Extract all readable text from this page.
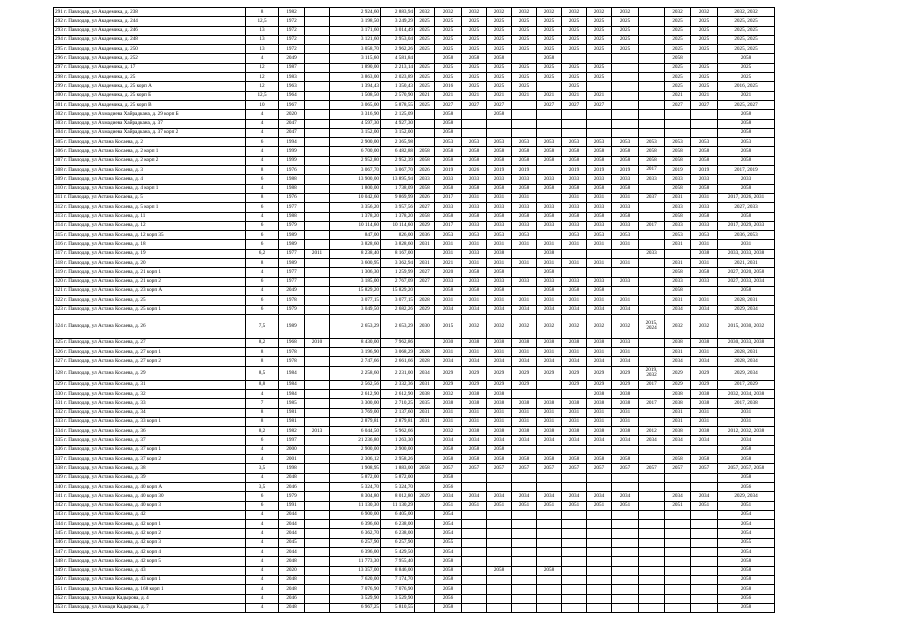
291 г. Павлодар, ул Академика, д. 238	8	1982		2 924,60	2 883,94	2032	2032	2032	2032	2032	2032	2032	2032	2032		2032	2032	2032, 2032
292 г. Павлодар, ул Академика, д. 244	12,5	1972		3 198,50	3 249,29	2025	2025	2025	2025	2025	2025	2025	2025	2025		2025	2025	2025, 2025
293 г. Павлодар, ул Академика, д. 246	13	1972		3 171,60	3 014,49	2025	2025	2025	2025	2025	2025	2025	2025	2025		2025	2025	2025, 2025
294 г. Павлодар, ул Академика, д. 248	13	1972		3 121,60	2 953,04	2025	2025	2025	2025	2025	2025	2025	2025	2025		2025	2025	2025, 2025
295 г. Павлодар, ул Академика, д. 250	13	1972		3 058,70	2 962,26	2025	2025	2025	2025	2025	2025	2025	2025	2025		2025	2025	2025, 2025
296 г. Павлодар, ул Академика, д. 252	4	2049		3 115,60	4 581,84		2058	2058	2058		2058					2058		2058
297 г. Павлодар, ул Академика, д. 17	12	1987		1 890,00	2 213,14	2025	2025	2025	2025	2025	2025	2025	2025			2025	2025	2025
298 г. Павлодар, ул Академика, д. 25	12	1983		3 863,00	2 023,89	2025	2025	2025	2025	2025	2025	2025	2025			2025	2025	2025
299 г. Павлодар, ул Академика, д. 25 корп А	12	1963		1 394,43	1 350,43	2025	2016	2025	2025	2025		2025				2025	2025	2016, 2025
300 г. Павлодар, ул Академика, д. 25 корп Б	12,5	1964		1 508,50	2 570,90	2021	2021	2021	2021	2021	2021	2021	2021			2021	2021	2021
301 г. Павлодар, ул Академика, д. 25 корп В	10	1967		3 065,00	5 878,55	2025	2027	2027	2027		2027	2027	2027			2027	2027	2025, 2027
302 г. Павлодар, ул Ахмадиева Хайрадкана, д. 29 корп Б	4	2020		3 316,90	2 125,09		2058		2058									2058
303 г. Павлодар, ул Ахмадиева Хайрадкана, д. 37	4	2047		4 597,30	4 927,30		2058											2058
304 г. Павлодар, ул Ахмадиева Хайрадкана, д. 37 корп 2	4	2047		3 152,00	3 152,00		2058											2058
305 г. Павлодар, ул Астана Косаева, д. 2	6	1994		2 900,00	2 365,98		2053	2053	2053	2053	2053	2053	2053	2053	2053	2053	2053	2053
306 г. Павлодар, ул Астана Косаева, д. 2 корп 1	4	1999		6 700,00	6 482,88	2058	2058	2058	2058	2058	2058	2058	2058	2058	2058	2058	2058	2058
307 г. Павлодар, ул Астана Косаева, д. 2 корп 2	4	1999		2 952,80	2 952,39	2058	2058	2058	2058	2058	2058	2058	2058	2058	2058	2058	2058	2058
308 г. Павлодар, ул Астана Косаева, д. 3	8	1976		3 067,70	3 067,70	2026	2019	2026	2019	2019		2019	2019	2019	2017	2019	2019	2017, 2019
309 г. Павлодар, ул Астана Косаева, д. 4	6	1988		13 900,00	13 895,94	2033	2033	2033	2033	2033	2033	2033	2033	2033	2033	2033	2033	2033
310 г. Павлодар, ул Астана Косаева, д. 4 корп 1	4	1988		1 800,00	1 738,09	2058	2058	2058	2058	2058	2058	2058	2058	2058		2058	2058	2058
311 г. Павлодар, ул Астана Косаева, д. 5	8	1976		10 042,60	9 869,99	2026	2017	2031	2031	2031		2031	2031	2031	2037	2031	2031	2017, 2026, 2031
312 г. Павлодар, ул Астана Косаева, д. 5 корп 1	6	1977		3 356,20	3 957,56	2027	2033	2033	2033	2033	2033	2033	2033	2033		2033	2033	2027, 2033
313 г. Павлодар, ул Астана Косаева, д. 11	4	1988		1 378,20	1 378,20	2058	2058	2058	2058	2058	2058	2058	2058	2058		2058	2058	2058
314 г. Павлодар, ул Астана Косаева, д. 12	6	1979		10 114,60	10 114,60	2029	2017	2033	2033	2033	2033	2033	2033	2033	2017	2033	2033	2017, 2029, 2033
315 г. Павлодар, ул Астана Косаева, д. 12 корп 35	6	1989		847,00	826,00	2036	2053	2053	2053	2053		2053	2053	2053		2053	2053	2036, 2053
316 г. Павлодар, ул Астана Косаева, д. 18	6	1989		3 828,60	3 828,60	2031	2031	2031	2031	2031	2031	2031	2031	2031		2031	2031	2031
317 г. Павлодар, ул Астана Косаева, д. 19	6,2	1977	2011	8 238,40	8 167,00		2031	2033	2038		2038				2033		2038	2033, 2033, 2038
318 г. Павлодар, ул Астана Косаева, д. 20	8	1989		3 600,95	3 362,94	2031	2021	2031	2031	2031	2031	2031	2031	2031		2031	2031	2021, 2031
319 г. Павлодар, ул Астана Косаева, д. 21 корп 1	4	1977		1 306,30	1 259,99	2027	2020	2058	2058		2058					2058	2058	2027, 2020, 2058
320 г. Павлодар, ул Астана Косаева, д. 21 корп 2	6	1977		3 185,00	2 767,09	2027	2033	2033	2033	2033	2033	2033	2033	2033		2033	2033	2027, 2033, 2034
321 г. Павлодар, ул Астана Косаева, д. 23 корп А	4	2049		15 829,20	15 829,20		2058	2058	2058		2058	2058	2058			2058		2058
322 г. Павлодар, ул Астана Косаева, д. 25	6	1978		3 077,15	3 077,15	2028	2031	2031	2031	2031	2031	2031	2031	2031		2031	2031	2028, 2031
323 г. Павлодар, ул Астана Косаева, д. 25 корп 1	6	1979		3 049,50	2 682,26	2029	2034	2034	2034	2034	2034	2034	2034	2034		2034	2034	2029, 2034
324 г. Павлодар, ул Астана Косаева, д. 26	7,5	1989		2 653,29	2 653,29	2030	2015	2032	2032	2032	2032	2032	2032	2032	2015, 2024	2032	2032	2015, 2030, 2032
325 г. Павлодар, ул Астана Косаева, д. 27	8,2	1968	2010	8 430,00	7 962,86		2030	2038	2038	2038	2038	2038	2038	2033		2038	2038	2030, 2033, 2038
326 г. Павлодар, ул Астана Косаева, д. 27 корп 1	8	1978		3 196,90	3 068,29	2028	2031	2031	2031	2031	2031	2031	2031	2031		2031	2031	2028, 2031
327 г. Павлодар, ул Астана Косаева, д. 27 корп 2	8	1978		2 747,66	2 661,66	2028	2034	2034	2034	2034	2034	2034	2034	2034		2034	2034	2028, 2034
328 г. Павлодар, ул Астана Косаева, д. 29	8,5	1984		2 258,60	2 231,00	2034	2029	2029	2029	2029	2029	2029	2029	2029	2019, 2032	2029	2029	2029, 2034
329 г. Павлодар, ул Астана Косаева, д. 31	8,8	1984		2 562,56	2 332,36	2031	2029	2029	2029	2029		2029	2029	2029	2017	2029	2029	2017, 2029
330 г. Павлодар, ул Астана Косаева, д. 32	4	1984		2 612,90	2 612,90	2038	2032	2038	2038				2038	2038		2038	2038	2032, 2034, 2038
331 г. Павлодар, ул Астана Косаева, д. 33	7	1985		3 300,00	2 710,25	2035	2038	2038	2038	2038	2038	2038	2038	2038	2017	2038	2038	2017, 2038
332 г. Павлодар, ул Астана Косаева, д. 34	8	1981		3 769,00	2 137,60	2031	2031	2031	2031	2031	2031	2031	2031	2031		2031	2031	2031
333 г. Павлодар, ул Астана Косаева, д. 33 корп 1	8	1981		2 879,81	2 879,81	2031	2031	2031	2031	2031	2031	2031	2031	2031		2031	2031	2031
334 г. Павлодар, ул Астана Косаева, д. 36	8,2	1982	2013	6 044,50	5 962,66		2032	2038	2038	2038	2038	2038	2038	2038	2012	2038	2038	2012, 2032, 2038
335 г. Павлодар, ул Астана Косаева, д. 37	6	1997		21 236,80	1 263,30		2034	2034	2034	2034	2034	2034	2034	2034	2034	2034	2034	2034
336 г. Павлодар, ул Астана Косаева, д. 37 корп 1	4	2000		2 900,00	2 900,00		2058	2058	2058									2058
337 г. Павлодар, ул Астана Косаева, д. 37 корп 2	4	2001		2 306,12	2 958,26		2058	2058	2058	2058	2058	2058	2058	2058		2058	2058	2058
338 г. Павлодар, ул Астана Косаева, д. 38	3,5	1998		1 908,95	1 883,00	2058	2057	2057	2057	2057	2057	2057	2057	2057	2057	2057	2057	2057, 2057, 2058
339 г. Павлодар, ул Астана Косаева, д. 39	4	2048		5 872,00	5 872,00		2058											2058
340 г. Павлодар, ул Астана Косаева, д. 40 корп А	3,5	2046		5 324,70	5 324,70		2056											2056
341 г. Павлодар, ул Астана Косаева, д. 40 корп 30	6	1979		8 304,80	8 012,80	2029	2034	2034	2034	2034	2034	2034	2034	2034		2034	2034	2029, 2034
342 г. Павлодар, ул Астана Косаева, д. 40 корп 3	6	1991		11 130,30	11 130,29		2051	2051	2051	2051	2051	2051	2051	2051		2051	2051	2051
343 г. Павлодар, ул Астана Косаева, д. 42	4	2044		6 900,00	6 405,00		2054											2054
344 г. Павлодар, ул Астана Косаева, д. 42 корп 1	4	2044		6 396,60	6 238,00		2054											2054
345 г. Павлодар, ул Астана Косаева, д. 42 корп 2	4	2044		6 362,70	6 238,00		2054											2054
346 г. Павлодар, ул Астана Косаева, д. 42 корп 3	4	2045		6 257,90	6 257,90		2055											2055
347 г. Павлодар, ул Астана Косаева, д. 42 корп 4	4	2044		6 396,00	5 429,50		2054											2054
348 г. Павлодар, ул Астана Косаева, д. 42 корп 5	4	2048		11 773,30	7 955,40		2058											2058
349 г. Павлодар, ул Астана Косаева, д. 43	4	2020		13 357,00	8 846,00		2058		2058		2058							2058
350 г. Павлодар, ул Астана Косаева, д. 43 корп 1	4	2048		7 620,00	7 174,70		2058											2058
351 г. Павлодар, ул Астана Косаева, д. 168 корп 1	4	2048		7 076,90	7 076,90		2058											2058
352 г. Павлодар, ул Ахмади Кадырова, д. 4	4	2046		3 529,90	3 529,90		2056											2056
353 г. Павлодар, ул Ахмади Кадырова, д. 7	4	2048		6 967,25	5 810,55		2058											2058
